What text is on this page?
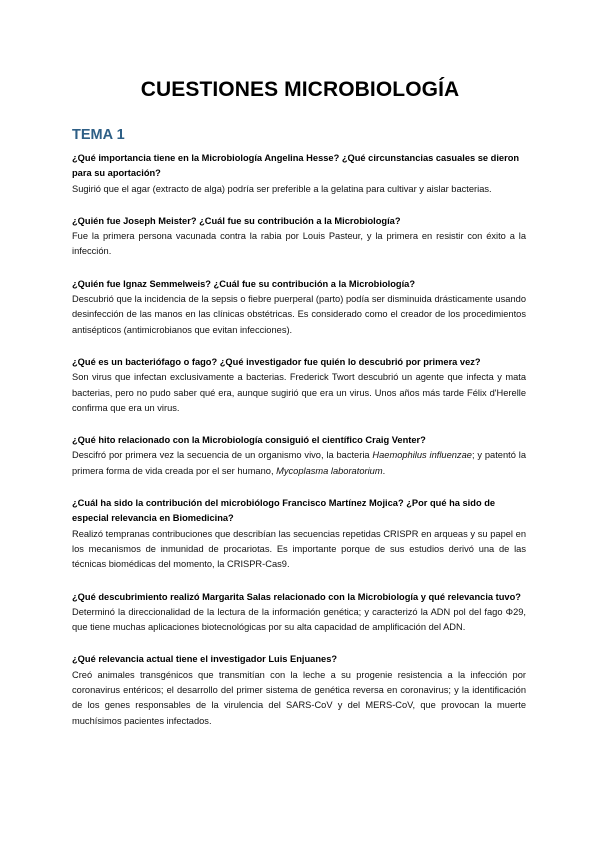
CUESTIONES MICROBIOLOGÍA
TEMA 1
¿Qué importancia tiene en la Microbiología Angelina Hesse? ¿Qué circunstancias casuales se dieron para su aportación?
Sugirió que el agar (extracto de alga) podría ser preferible a la gelatina para cultivar y aislar bacterias.
¿Quién fue Joseph Meister? ¿Cuál fue su contribución a la Microbiología?
Fue la primera persona vacunada contra la rabia por Louis Pasteur, y la primera en resistir con éxito a la infección.
¿Quién fue Ignaz Semmelweis? ¿Cuál fue su contribución a la Microbiología?
Descubrió que la incidencia de la sepsis o fiebre puerperal (parto) podía ser disminuida drásticamente usando desinfección de las manos en las clínicas obstétricas. Es considerado como el creador de los procedimientos antisépticos (antimicrobianos que evitan infecciones).
¿Qué es un bacteriófago o fago? ¿Qué investigador fue quién lo descubrió por primera vez?
Son virus que infectan exclusivamente a bacterias. Frederick Twort descubrió un agente que infecta y mata bacterias, pero no pudo saber qué era, aunque sugirió que era un virus. Unos años más tarde Félix d'Herelle confirma que era un virus.
¿Qué hito relacionado con la Microbiología consiguió el científico Craig Venter?
Descifró por primera vez la secuencia de un organismo vivo, la bacteria Haemophilus influenzae; y patentó la primera forma de vida creada por el ser humano, Mycoplasma laboratorium.
¿Cuál ha sido la contribución del microbiólogo Francisco Martínez Mojica? ¿Por qué ha sido de especial relevancia en Biomedicina?
Realizó tempranas contribuciones que describían las secuencias repetidas CRISPR en arqueas y su papel en los mecanismos de inmunidad de procariotas. Es importante porque de sus estudios derivó una de las técnicas biomédicas del momento, la CRISPR-Cas9.
¿Qué descubrimiento realizó Margarita Salas relacionado con la Microbiología y qué relevancia tuvo?
Determinó la direccionalidad de la lectura de la información genética; y caracterizó la ADN pol del fago Φ29, que tiene muchas aplicaciones biotecnológicas por su alta capacidad de amplificación del ADN.
¿Qué relevancia actual tiene el investigador Luis Enjuanes?
Creó animales transgénicos que transmitían con la leche a su progenie resistencia a la infección por coronavirus entéricos; el desarrollo del primer sistema de genética reversa en coronavirus; y la identificación de los genes responsables de la virulencia del SARS-CoV y del MERS-CoV, que provocan la muerte muchísimos pacientes infectados.
